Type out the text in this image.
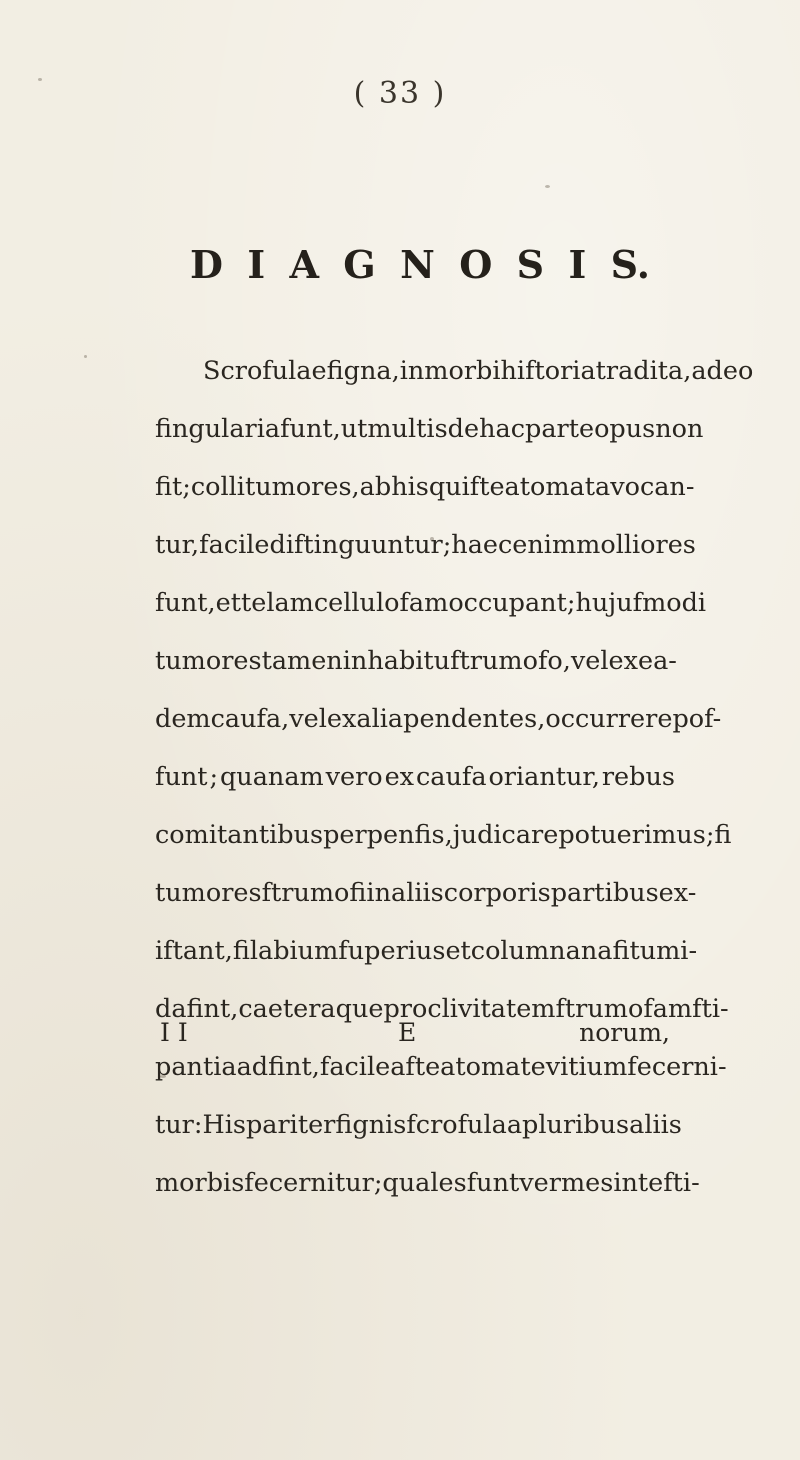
( 33 )
D I A G N O S I S.
Scrofulae figna, in morbi hiftoria tradita, adeo
fingularia funt, ut multis de hac parte opus non
fit ; colli tumores, ab his qui fteatomata vocan-
tur, facile diftinguuntur ; haec enim molliores
funt, et telam cellulofam occupant ; hujufmodi
tumores tamen in habitu ftrumofo, vel ex ea-
dem caufa, vel ex alia pendentes, occurrere pof-
funt ; quanam vero ex caufa oriantur, rebus
comitantibus perpenfis, judicare potuerimus ; fi
tumores ftrumofi in aliis corporis partibus ex-
iftant, fi labium fuperius et columna nafi tumi-
da fint, caeteraque proclivitatem ftrumofam fti-
pantia adfint, facile a fteatomate vitium fecerni-
tur : His pariter fignis fcrofula a pluribus aliis
morbis fecernitur ; quales funt vermes intefti-
I I	E	norum,
